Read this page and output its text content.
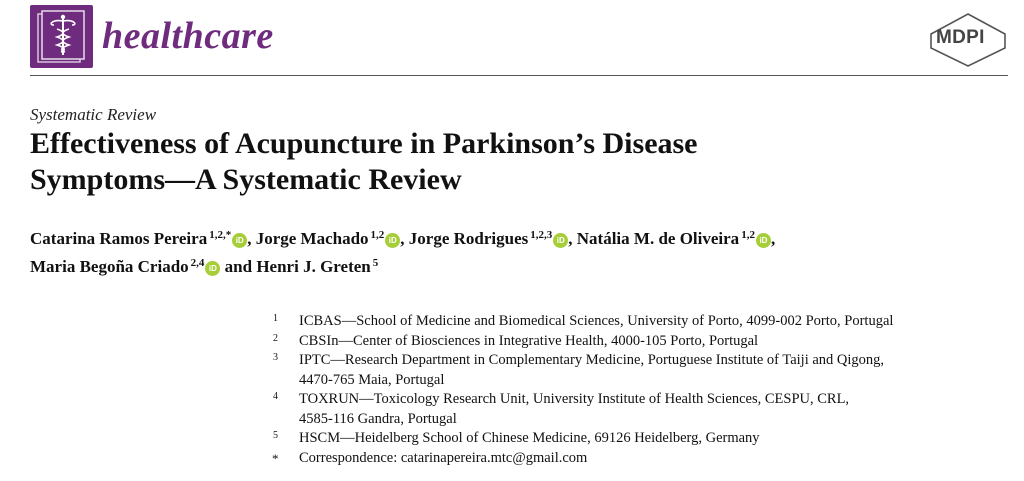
healthcare	MDPI
Systematic Review
Effectiveness of Acupuncture in Parkinson’s Disease
Symptoms—A Systematic Review
Catarina Ramos Pereira $^{1,2,*}$ iD , Jorge Machado $^{1,2}$ iD , Jorge Rodrigues $^{1,2,3}$ iD , Natália M. de Oliveira $^{1,2}$ iD ,
Maria Begoña Criado $^{2,4}$ iD and Henri J. Greten $^5$
1 ICBAS—School of Medicine and Biomedical Sciences, University of Porto, 4099-002 Porto, Portugal
2 CBSIn—Center of Biosciences in Integrative Health, 4000-105 Porto, Portugal
3 IPTC—Research Department in Complementary Medicine, Portuguese Institute of Taiji and Qigong,
4470-765 Maia, Portugal
4 TOXRUN—Toxicology Research Unit, University Institute of Health Sciences, CESPU, CRL,
4585-116 Gandra, Portugal
5 HSCM—Heidelberg School of Chinese Medicine, 69126 Heidelberg, Germany
* Correspondence: catarinapereira.mtc@gmail.com
